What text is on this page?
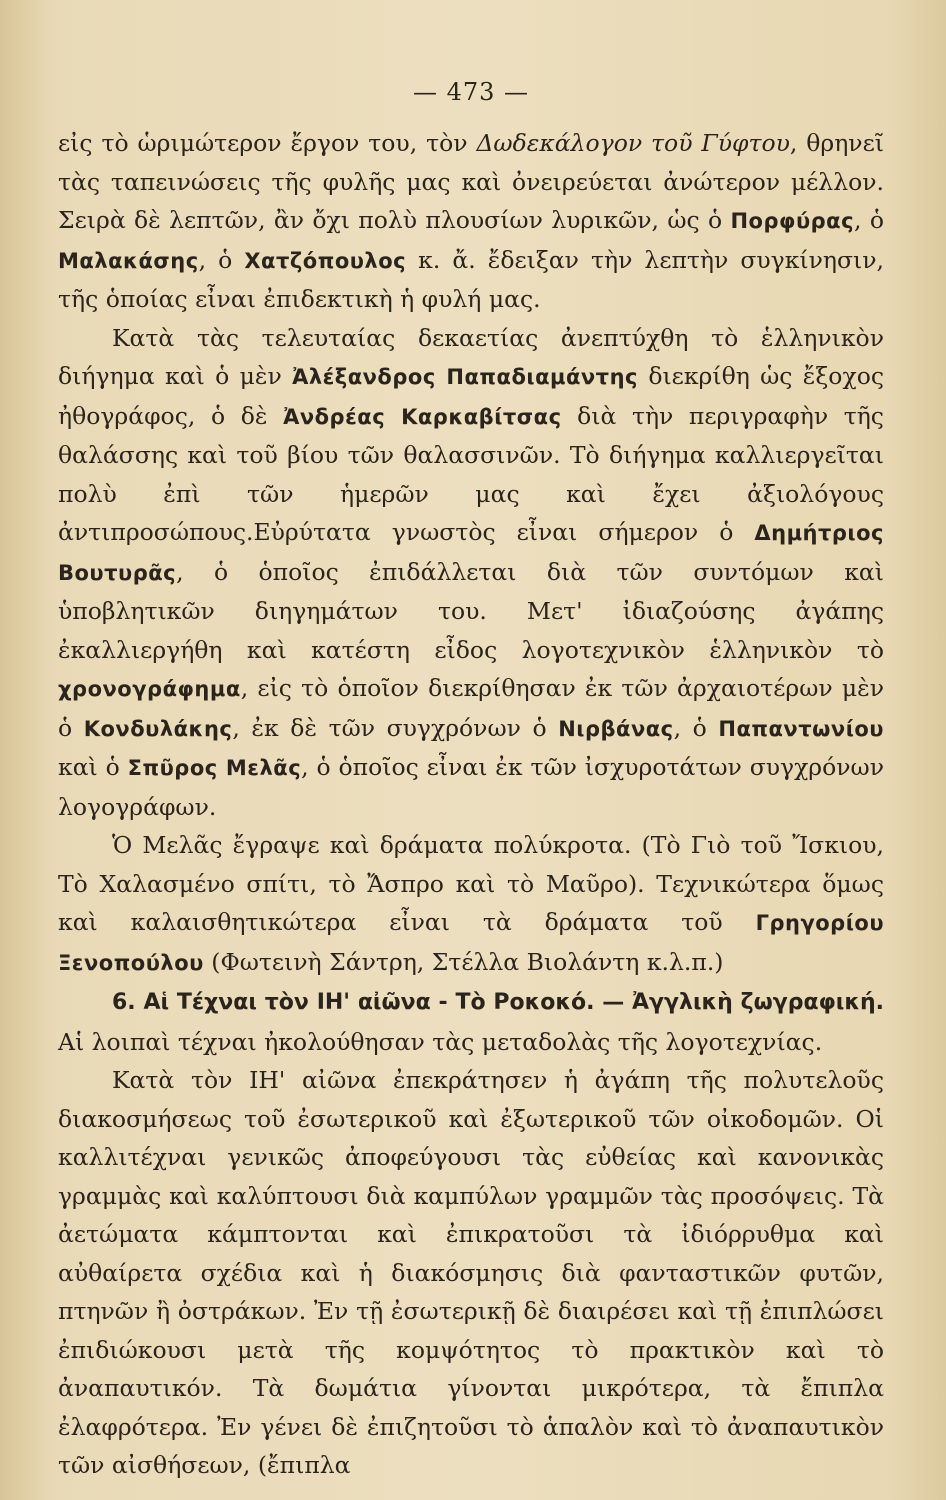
— 473 —

εἰς τὸ ὡριμώτερον ἔργον του, τὸν Δωδεκάλογον τοῦ Γύφτου, θρηνεῖ τὰς ταπεινώσεις τῆς φυλῆς μας καὶ ὀνειρεύεται ἀνώτερον μέλλον. Σειρὰ δὲ λεπτῶν, ἂν ὄχι πολὺ πλουσίων λυρικῶν, ὡς ὁ Πορφύρας, ὁ Μαλακάσης, ὁ Χατζόπουλος κ. ἄ. ἔδειξαν τὴν λεπτὴν συγκίνησιν, τῆς ὁποίας εἶναι ἐπιδεκτικὴ ἡ φυλή μας.

Κατὰ τὰς τελευταίας δεκαετίας ἀνεπτύχθη τὸ ἑλληνικὸν διήγημα καὶ ὁ μὲν Ἀλέξανδρος Παπαδιαμάντης διεκρίθη ὡς ἔξοχος ἠθογράφος, ὁ δὲ Ἀνδρέας Καρκαβίτσας διὰ τὴν περιγραφὴν τῆς θαλάσσης καὶ τοῦ βίου τῶν θαλασσινῶν. Τὸ διήγημα καλλιεργεῖται πολὺ ἐπὶ τῶν ἡμερῶν μας καὶ ἔχει ἀξιολόγους ἀντιπροσώπους.Εὐρύτατα γνωστὸς εἶναι σήμερον ὁ Δημήτριος Βουτυρᾶς, ὁ ὁποῖος ἐπιδάλλεται διὰ τῶν συντόμων καὶ ὑποβλητικῶν διηγημάτων του. Μετ' ἰδιαζούσης ἀγάπης ἐκαλλιεργήθη καὶ κατέστη εἶδος λογοτεχνικὸν ἑλληνικὸν τὸ χρονογράφημα, εἰς τὸ ὁποῖον διεκρίθησαν ἐκ τῶν ἀρχαιοτέρων μὲν ὁ Κονδυλάκης, ἐκ δὲ τῶν συγχρόνων ὁ Νιρβάνας, ὁ Παπαντωνίου καὶ ὁ Σπῦρος Μελᾶς, ὁ ὁποῖος εἶναι ἐκ τῶν ἰσχυροτάτων συγχρόνων λογογράφων.

Ὁ Μελᾶς ἔγραψε καὶ δράματα πολύκροτα. (Τὸ Γιὸ τοῦ Ἴσκιου, Τὸ Χαλασμένο σπίτι, τὸ Ἄσπρο καὶ τὸ Μαῦρο). Τεχνικώτερα ὅμως καὶ καλαισθητικώτερα εἶναι τὰ δράματα τοῦ Γρηγορίου Ξενοπούλου (Φωτεινὴ Σάντρη, Στέλλα Βιολάντη κ.λ.π.)

6. Αἱ Τέχναι τὸν ΙΗ' αἰῶνα - Τὸ Ροκοκό. — Ἀγγλικὴ ζωγραφική. Αἱ λοιπαὶ τέχναι ἠκολούθησαν τὰς μεταδολὰς τῆς λογοτεχνίας.

Κατὰ τὸν ΙΗ' αἰῶνα ἐπεκράτησεν ἡ ἀγάπη τῆς πολυτελοῦς διακοσμήσεως τοῦ ἐσωτερικοῦ καὶ ἐξωτερικοῦ τῶν οἰκοδομῶν. Οἱ καλλιτέχναι γενικῶς ἀποφεύγουσι τὰς εὐθείας καὶ κανονικὰς γραμμὰς καὶ καλύπτουσι διὰ καμπύλων γραμμῶν τὰς προσόψεις. Τὰ ἀετώματα κάμπτονται καὶ ἐπικρατοῦσι τὰ ἰδιόρρυθμα καὶ αὐθαίρετα σχέδια καὶ ἡ διακόσμησις διὰ φανταστικῶν φυτῶν, πτηνῶν ἢ ὀστράκων. Ἐν τῇ ἐσωτερικῇ δὲ διαιρέσει καὶ τῇ ἐπιπλώσει ἐπιδιώκουσι μετὰ τῆς κομψότητος τὸ πρακτικὸν καὶ τὸ ἀναπαυτικόν. Τὰ δωμάτια γίνονται μικρότερα, τὰ ἔπιπλα ἐλαφρότερα. Ἐν γένει δὲ ἐπιζητοῦσι τὸ ἁπαλὸν καὶ τὸ ἀναπαυτικὸν τῶν αἰσθήσεων, (ἔπιπλα
